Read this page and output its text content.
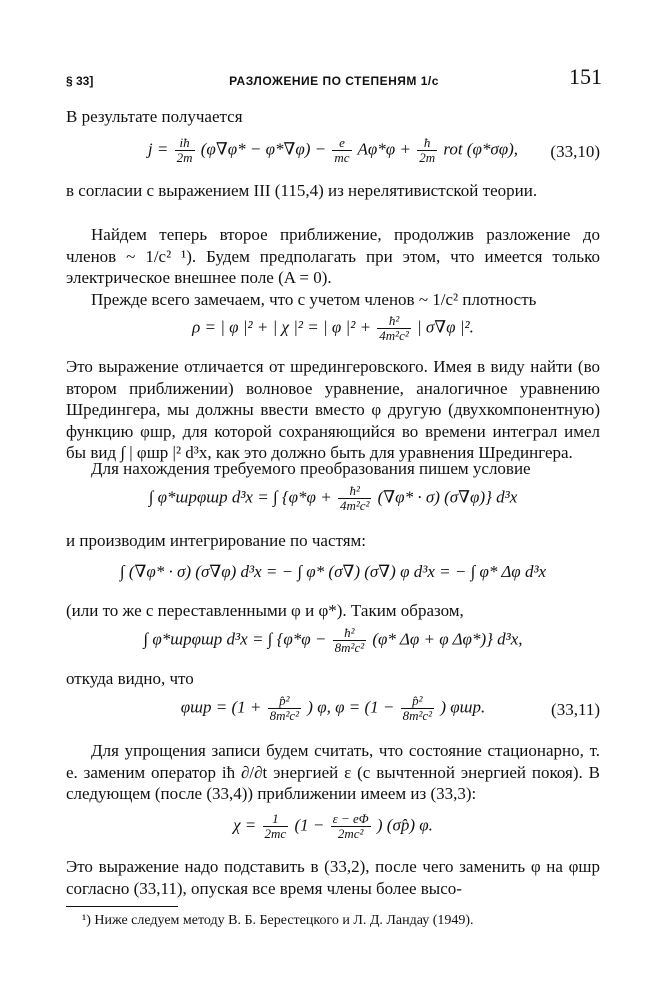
§ 33]	РАЗЛОЖЕНИЕ ПО СТЕПЕНЯМ 1/c	151

В результате получается

$j = \frac{iħ}{2m} (\varphi\nabla\varphi* - \varphi*\nabla\varphi) - \frac{e}{mc} A\varphi*\varphi + \frac{ħ}{2m}$ rot (φ*σφ),	(33,10)

в согласии с выражением III (115,4) из нерелятивистской теории.

Найдем теперь второе приближение, продолжив разложение до членов ~ 1/c² ¹). Будем предполагать при этом, что имеется только электрическое внешнее поле (A = 0).

Прежде всего замечаем, что с учетом членов ~ 1/c² плотность

ρ = | φ |² + | χ |² = | φ $|^2 + \frac{\text{ħ²}}{\text{4m²c²}}$ | σ∇φ |².

Это выражение отличается от шредингеровского. Имея в виду найти (во втором приближении) волновое уравнение, аналогичное уравнению Шредингера, мы должны ввести вместо φ другую (двухкомпонентную) функцию φшр, для которой сохраняющийся во времени интеграл имел бы вид ∫ | φшр |² d³x, как это должно быть для уравнения Шредингера.

Для нахождения требуемого преобразования пишем условие

∫ φ*шрφшр d³x = ∫ {$\varphi*\varphi + \frac{\text{ħ²}}{\text{4m²c²}} (\nabla\varphi* \cdot \sigma)$ (σ∇φ)} d³x

и производим интегрирование по частям:

∫ (∇φ* · σ) (σ∇φ) d³x = − ∫ φ* (σ∇) (σ∇) φ d³x = − ∫ φ* Δφ d³x

(или то же с переставленными φ и φ*). Таким образом,

∫ φ*шрφшр d³x = ∫ {$\varphi*\varphi - \frac{\text{ħ²}}{\text{8m²c²}} (\varphi*$ Δφ + φ Δφ*)} d³x,

откуда видно, что

$\varphi шр = (1 + \frac{\text{p̂²}}{\text{8m²c²}}$ ) φ, $\varphi = (1 - \frac{\text{p̂²}}{\text{8m²c²}}$ ) φшр.	(33,11)

Для упрощения записи будем считать, что состояние стационарно, т. е. заменим оператор iħ ∂/∂t энергией ε (с вычтенной энергией покоя). В следующем (после (33,4)) приближении имеем из (33,3):

$\chi = \frac{1}{2mc} (1 - \frac{\varepsilon - e\Phi}{\text{2mc²}}$ ) (σp̂) φ.

Это выражение надо подставить в (33,2), после чего заменить φ на φшр согласно (33,11), опуская все время члены более высо-

¹) Ниже следуем методу В. Б. Берестецкого и Л. Д. Ландау (1949).
